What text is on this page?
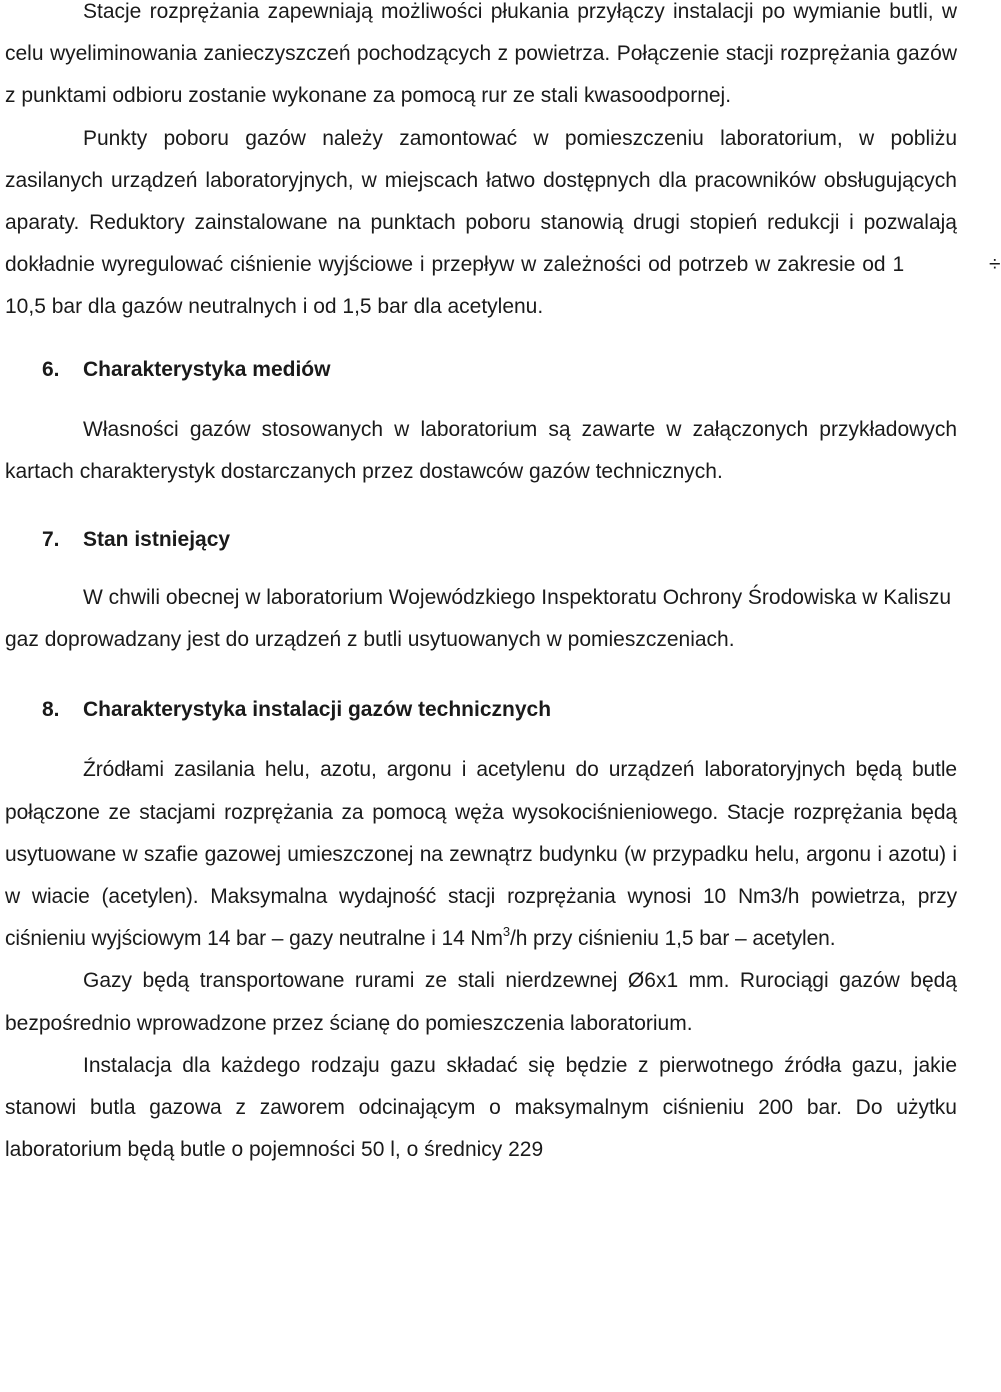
Stacje rozprężania zapewniają możliwości płukania przyłączy instalacji po wymianie butli, w celu wyeliminowania zanieczyszczeń pochodzących z powietrza. Połączenie stacji rozprężania gazów z punktami odbioru zostanie wykonane za pomocą rur ze stali kwasoodpornej.

Punkty poboru gazów należy zamontować w pomieszczeniu laboratorium, w pobliżu zasilanych urządzeń laboratoryjnych, w miejscach łatwo dostępnych dla pracowników obsługujących aparaty. Reduktory zainstalowane na punktach poboru stanowią drugi stopień redukcji i pozwalają dokładnie wyregulować ciśnienie wyjściowe i przepływ w zależności od potrzeb w zakresie od 1	÷ 10,5 bar dla gazów neutralnych i od 1,5 bar dla acetylenu.

6. Charakterystyka mediów

Własności gazów stosowanych w laboratorium są zawarte w załączonych przykładowych kartach charakterystyk dostarczanych przez dostawców gazów technicznych.

7. Stan istniejący

W chwili obecnej w laboratorium Wojewódzkiego Inspektoratu Ochrony Środowiska w Kaliszu gaz doprowadzany jest do urządzeń z butli usytuowanych w pomieszczeniach.

8. Charakterystyka instalacji gazów technicznych

Źródłami zasilania helu, azotu, argonu i acetylenu do urządzeń laboratoryjnych będą butle połączone ze stacjami rozprężania za pomocą węża wysokociśnieniowego. Stacje rozprężania będą usytuowane w szafie gazowej umieszczonej na zewnątrz budynku (w przypadku helu, argonu i azotu) i w wiacie (acetylen). Maksymalna wydajność stacji rozprężania wynosi 10 Nm3/h powietrza, przy ciśnieniu wyjściowym 14 bar – gazy neutralne i 14 Nm$^3$/h przy ciśnieniu 1,5 bar – acetylen.

Gazy będą transportowane rurami ze stali nierdzewnej Ø6x1 mm. Rurociągi gazów będą bezpośrednio wprowadzone przez ścianę do pomieszczenia laboratorium.

Instalacja dla każdego rodzaju gazu składać się będzie z pierwotnego źródła gazu, jakie stanowi butla gazowa z zaworem odcinającym o maksymalnym ciśnieniu 200 bar. Do użytku laboratorium będą butle o pojemności 50 l, o średnicy 229
